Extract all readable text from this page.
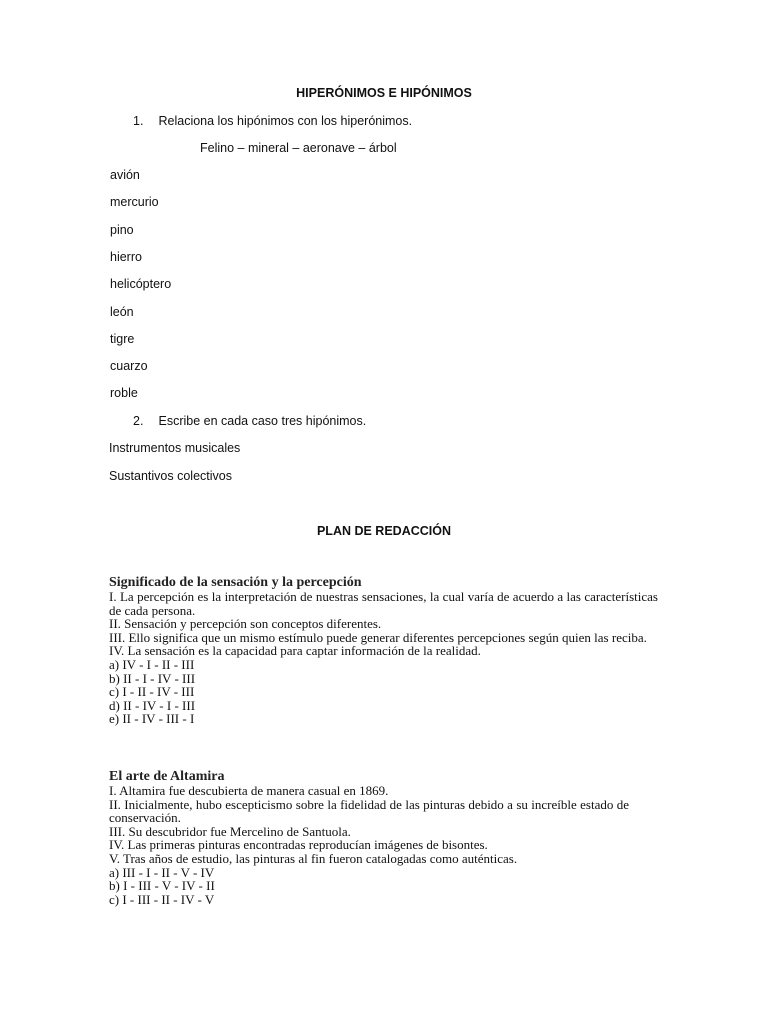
HIPERÓNIMOS E HIPÓNIMOS
1. Relaciona los hipónimos con los hiperónimos.
Felino – mineral – aeronave – árbol
avión
mercurio
pino
hierro
helicóptero
león
tigre
cuarzo
roble
2. Escribe en cada caso tres hipónimos.
Instrumentos musicales
Sustantivos colectivos
PLAN DE REDACCIÓN
Significado de la sensación y la percepción
I. La percepción es la interpretación de nuestras sensaciones, la cual varía de acuerdo a las características de cada persona.
II. Sensación y percepción son conceptos diferentes.
III. Ello significa que un mismo estímulo puede generar diferentes percepciones según quien las reciba.
IV. La sensación es la capacidad para captar información de la realidad.
a) IV - I - II - III
b) II - I - IV - III
c) I - II - IV - III
d) II - IV - I - III
e) II - IV - III - I
El arte de Altamira
I. Altamira fue descubierta de manera casual en 1869.
II. Inicialmente, hubo escepticismo sobre la fidelidad de las pinturas debido a su increíble estado de conservación.
III. Su descubridor fue Mercelino de Santuola.
IV. Las primeras pinturas encontradas reproducían imágenes de bisontes.
V. Tras años de estudio, las pinturas al fin fueron catalogadas como auténticas.
a) III - I - II - V - IV
b) I - III - V - IV - II
c) I - III - II - IV - V
